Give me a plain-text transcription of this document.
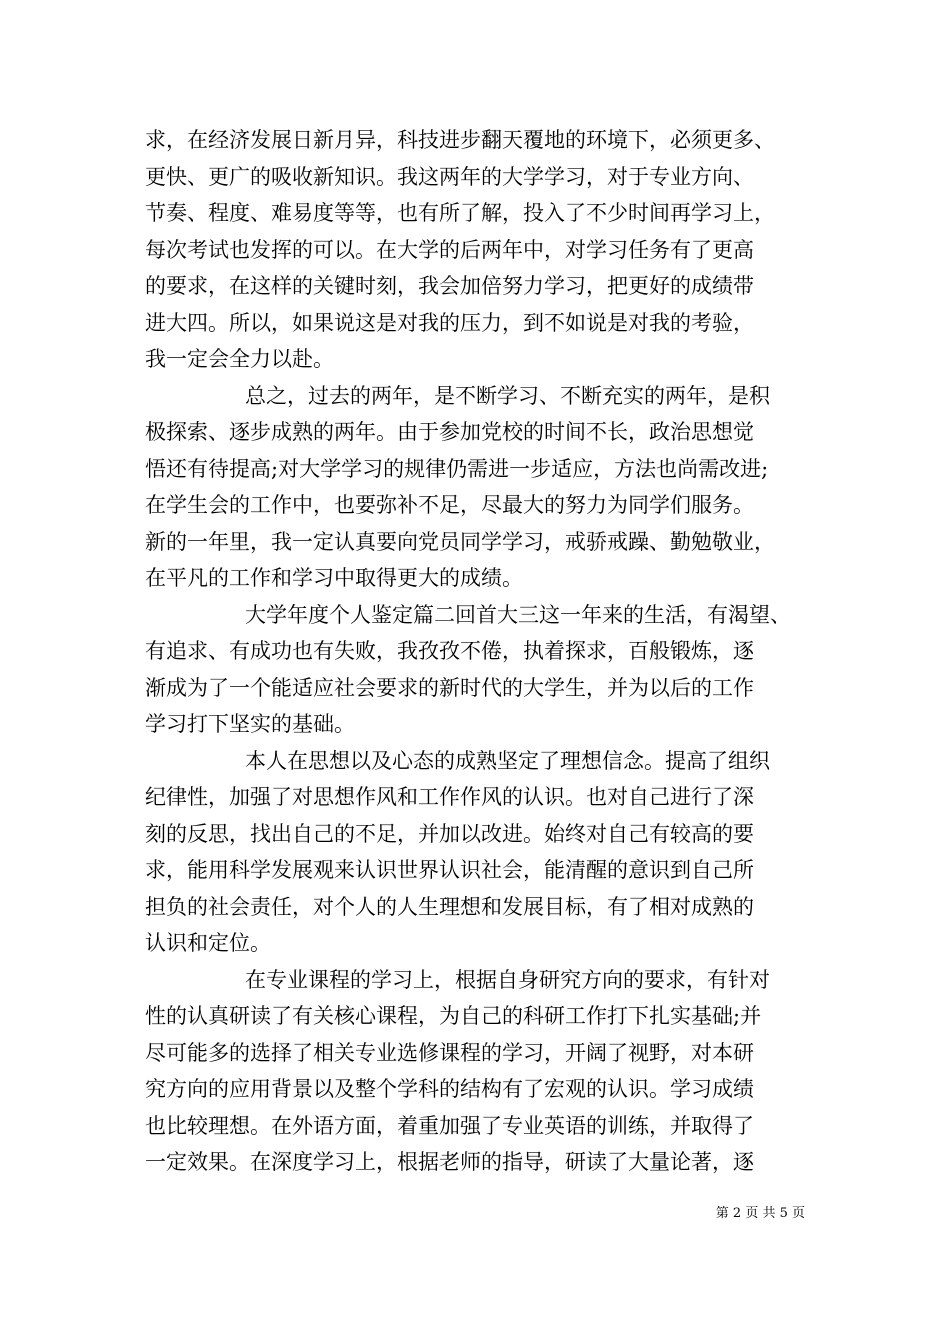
求，在经济发展日新月异，科技进步翻天覆地的环境下，必须更多、
更快、更广的吸收新知识。我这两年的大学学习，对于专业方向、
节奏、程度、难易度等等，也有所了解，投入了不少时间再学习上，
每次考试也发挥的可以。在大学的后两年中，对学习任务有了更高
的要求，在这样的关键时刻，我会加倍努力学习，把更好的成绩带
进大四。所以，如果说这是对我的压力，到不如说是对我的考验，
我一定会全力以赴。
总之，过去的两年，是不断学习、不断充实的两年，是积
极探索、逐步成熟的两年。由于参加党校的时间不长，政治思想觉
悟还有待提高;对大学学习的规律仍需进一步适应，方法也尚需改进;
在学生会的工作中，也要弥补不足，尽最大的努力为同学们服务。
新的一年里，我一定认真要向党员同学学习，戒骄戒躁、勤勉敬业，
在平凡的工作和学习中取得更大的成绩。
大学年度个人鉴定篇二回首大三这一年来的生活，有渴望、
有追求、有成功也有失败，我孜孜不倦，执着探求，百般锻炼，逐
渐成为了一个能适应社会要求的新时代的大学生，并为以后的工作
学习打下坚实的基础。
本人在思想以及心态的成熟坚定了理想信念。提高了组织
纪律性，加强了对思想作风和工作作风的认识。也对自己进行了深
刻的反思，找出自己的不足，并加以改进。始终对自己有较高的要
求，能用科学发展观来认识世界认识社会，能清醒的意识到自己所
担负的社会责任，对个人的人生理想和发展目标，有了相对成熟的
认识和定位。
在专业课程的学习上，根据自身研究方向的要求，有针对
性的认真研读了有关核心课程，为自己的科研工作打下扎实基础;并
尽可能多的选择了相关专业选修课程的学习，开阔了视野，对本研
究方向的应用背景以及整个学科的结构有了宏观的认识。学习成绩
也比较理想。在外语方面，着重加强了专业英语的训练，并取得了
一定效果。在深度学习上，根据老师的指导，研读了大量论著，逐
第 2 页 共 5 页
